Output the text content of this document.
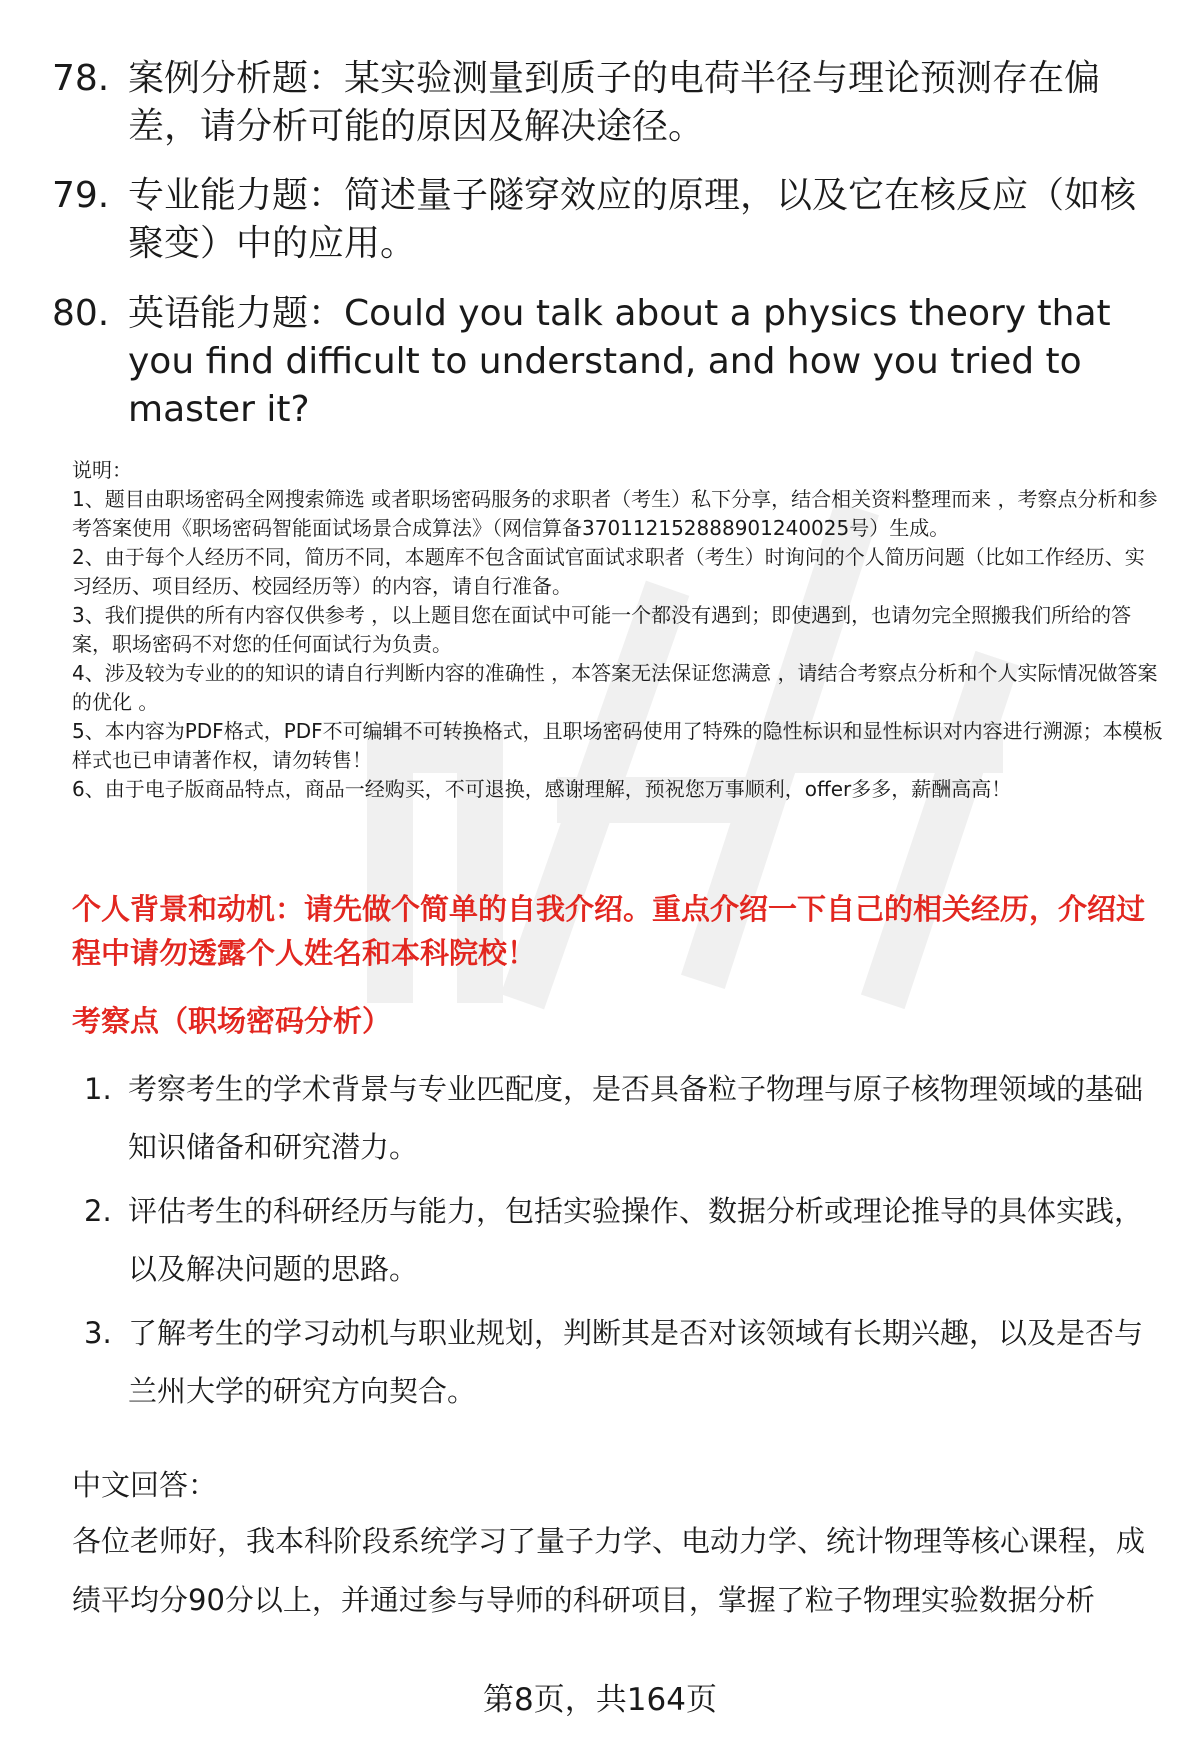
78. 案例分析题：某实验测量到质子的电荷半径与理论预测存在偏差，请分析可能的原因及解决途径。
79. 专业能力题：简述量子隧穿效应的原理，以及它在核反应（如核聚变）中的应用。
80. 英语能力题：Could you talk about a physics theory that you find difficult to understand, and how you tried to master it?
说明：
1、题目由职场密码全网搜索筛选 或者职场密码服务的求职者（考生）私下分享，结合相关资料整理而来 ，考察点分析和参考答案使用《职场密码智能面试场景合成算法》（网信算备370112152888901240025号）生成。
2、由于每个人经历不同，简历不同，本题库不包含面试官面试求职者（考生）时询问的个人简历问题（比如工作经历、实习经历、项目经历、校园经历等）的内容，请自行准备。
3、我们提供的所有内容仅供参考 ，以上题目您在面试中可能一个都没有遇到；即使遇到，也请勿完全照搬我们所给的答案，职场密码不对您的任何面试行为负责。
4、涉及较为专业的的知识的请自行判断内容的准确性 ，本答案无法保证您满意 ，请结合考察点分析和个人实际情况做答案的优化 。
5、本内容为PDF格式，PDF不可编辑不可转换格式，且职场密码使用了特殊的隐性标识和显性标识对内容进行溯源；本模板样式也已申请著作权，请勿转售！
6、由于电子版商品特点，商品一经购买，不可退换，感谢理解，预祝您万事顺利，offer多多，薪酬高高！
个人背景和动机：请先做个简单的自我介绍。重点介绍一下自己的相关经历，介绍过程中请勿透露个人姓名和本科院校！
考察点（职场密码分析）
1. 考察考生的学术背景与专业匹配度，是否具备粒子物理与原子核物理领域的基础知识储备和研究潜力。
2. 评估考生的科研经历与能力，包括实验操作、数据分析或理论推导的具体实践，以及解决问题的思路。
3. 了解考生的学习动机与职业规划，判断其是否对该领域有长期兴趣，以及是否与兰州大学的研究方向契合。
中文回答：
各位老师好，我本科阶段系统学习了量子力学、电动力学、统计物理等核心课程，成绩平均分90分以上，并通过参与导师的科研项目，掌握了粒子物理实验数据分析
第8页，共164页
